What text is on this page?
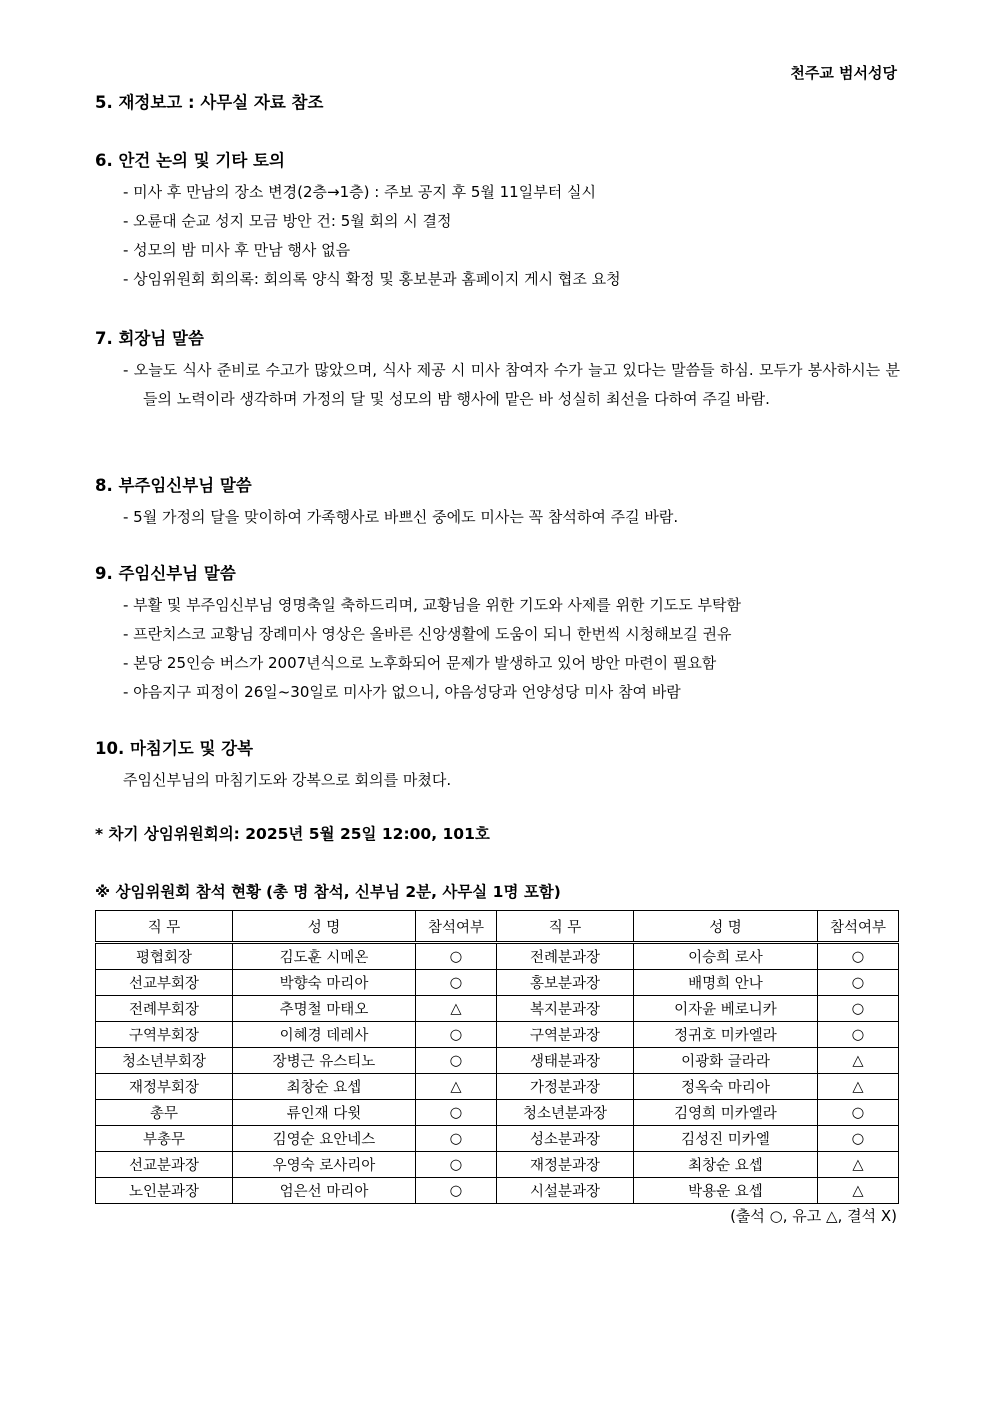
천주교 범서성당
5. 재정보고 : 사무실 자료 참조
6. 안건 논의 및 기타 토의
- 미사 후 만남의 장소 변경(2층→1층) : 주보 공지 후 5월 11일부터 실시
- 오륜대 순교 성지 모금 방안 건: 5월 회의 시 결정
- 성모의 밤 미사 후 만남 행사 없음
- 상임위원회 회의록: 회의록 양식 확정 및 홍보분과 홈페이지 게시 협조 요청
7. 회장님 말씀
- 오늘도 식사 준비로 수고가 많았으며, 식사 제공 시 미사 참여자 수가 늘고 있다는 말씀들 하심. 모두가 봉사하시는 분들의 노력이라 생각하며 가정의 달 및 성모의 밤 행사에 맡은 바 성실히 최선을 다하여 주길 바람.
8. 부주임신부님 말씀
- 5월 가정의 달을 맞이하여 가족행사로 바쁘신 중에도 미사는 꼭 참석하여 주길 바람.
9. 주임신부님 말씀
- 부활 및 부주임신부님 영명축일 축하드리며, 교황님을 위한 기도와 사제를 위한 기도도 부탁함
- 프란치스코 교황님 장례미사 영상은 올바른 신앙생활에 도움이 되니 한번씩 시청해보길 권유
- 본당 25인승 버스가 2007년식으로 노후화되어 문제가 발생하고 있어 방안 마련이 필요함
- 야음지구 피정이 26일~30일로 미사가 없으니, 야음성당과 언양성당 미사 참여 바람
10. 마침기도 및 강복
주임신부님의 마침기도와 강복으로 회의를 마쳤다.
* 차기 상임위원회의: 2025년 5월 25일 12:00, 101호
※ 상임위원회 참석 현황 (총 명 참석, 신부님 2분, 사무실 1명 포함)
직 무	성 명	참석여부	직 무	성 명	참석여부
평협회장	김도훈 시메온	○	전례분과장	이승희 로사	○
선교부회장	박향숙 마리아	○	홍보분과장	배명희 안나	○
전례부회장	추명철 마태오	△	복지분과장	이자윤 베로니카	○
구역부회장	이혜경 데레사	○	구역분과장	정귀호 미카엘라	○
청소년부회장	장병근 유스티노	○	생태분과장	이광화 글라라	△
재정부회장	최창순 요셉	△	가정분과장	정옥숙 마리아	△
총무	류인재 다윗	○	청소년분과장	김영희 미카엘라	○
부총무	김영순 요안네스	○	성소분과장	김성진 미카엘	○
선교분과장	우영숙 로사리아	○	재정분과장	최창순 요셉	△
노인분과장	엄은선 마리아	○	시설분과장	박용운 요셉	△
(출석 ○, 유고 △, 결석 X)
